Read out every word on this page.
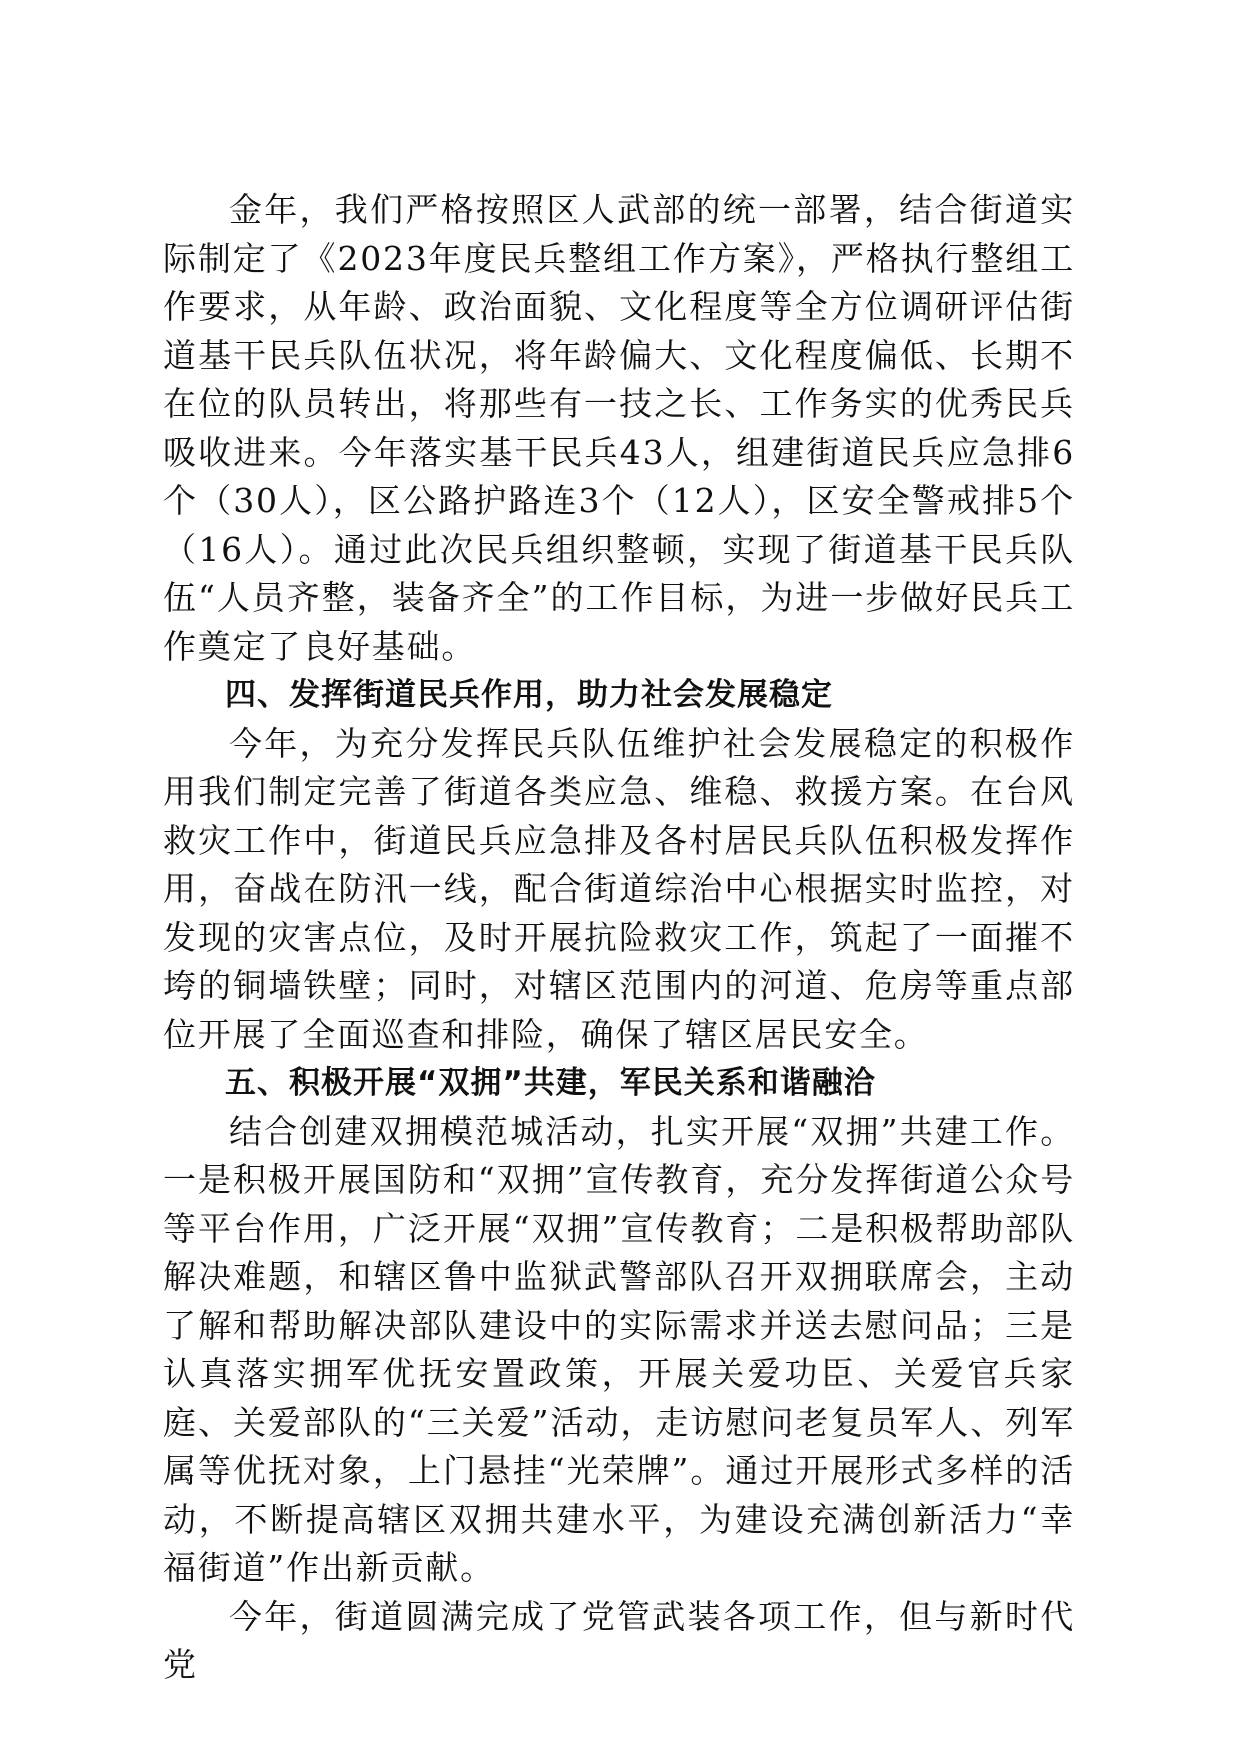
金年，我们严格按照区人武部的统一部署，结合街道实际制定了《2023年度民兵整组工作方案》，严格执行整组工作要求，从年龄、政治面貌、文化程度等全方位调研评估街道基干民兵队伍状况，将年龄偏大、文化程度偏低、长期不在位的队员转出，将那些有一技之长、工作务实的优秀民兵吸收进来。今年落实基干民兵43人，组建街道民兵应急排6个（30人），区公路护路连3个（12人），区安全警戒排5个（16人）。通过此次民兵组织整顿，实现了街道基干民兵队伍“人员齐整，装备齐全”的工作目标，为进一步做好民兵工作奠定了良好基础。

四、发挥街道民兵作用，助力社会发展稳定

今年，为充分发挥民兵队伍维护社会发展稳定的积极作用我们制定完善了街道各类应急、维稳、救援方案。在台风救灾工作中，街道民兵应急排及各村居民兵队伍积极发挥作用，奋战在防汛一线，配合街道综治中心根据实时监控，对发现的灾害点位，及时开展抗险救灾工作，筑起了一面摧不垮的铜墙铁壁；同时，对辖区范围内的河道、危房等重点部位开展了全面巡查和排险，确保了辖区居民安全。

五、积极开展“双拥”共建，军民关系和谐融洽

结合创建双拥模范城活动，扎实开展“双拥”共建工作。一是积极开展国防和“双拥”宣传教育，充分发挥街道公众号等平台作用，广泛开展“双拥”宣传教育；二是积极帮助部队解决难题，和辖区鲁中监狱武警部队召开双拥联席会，主动了解和帮助解决部队建设中的实际需求并送去慰问品；三是认真落实拥军优抚安置政策，开展关爱功臣、关爱官兵家庭、关爱部队的“三关爱”活动，走访慰问老复员军人、列军属等优抚对象，上门悬挂“光荣牌”。通过开展形式多样的活动，不断提高辖区双拥共建水平，为建设充满创新活力“幸福街道”作出新贡献。

今年，街道圆满完成了党管武装各项工作，但与新时代党
